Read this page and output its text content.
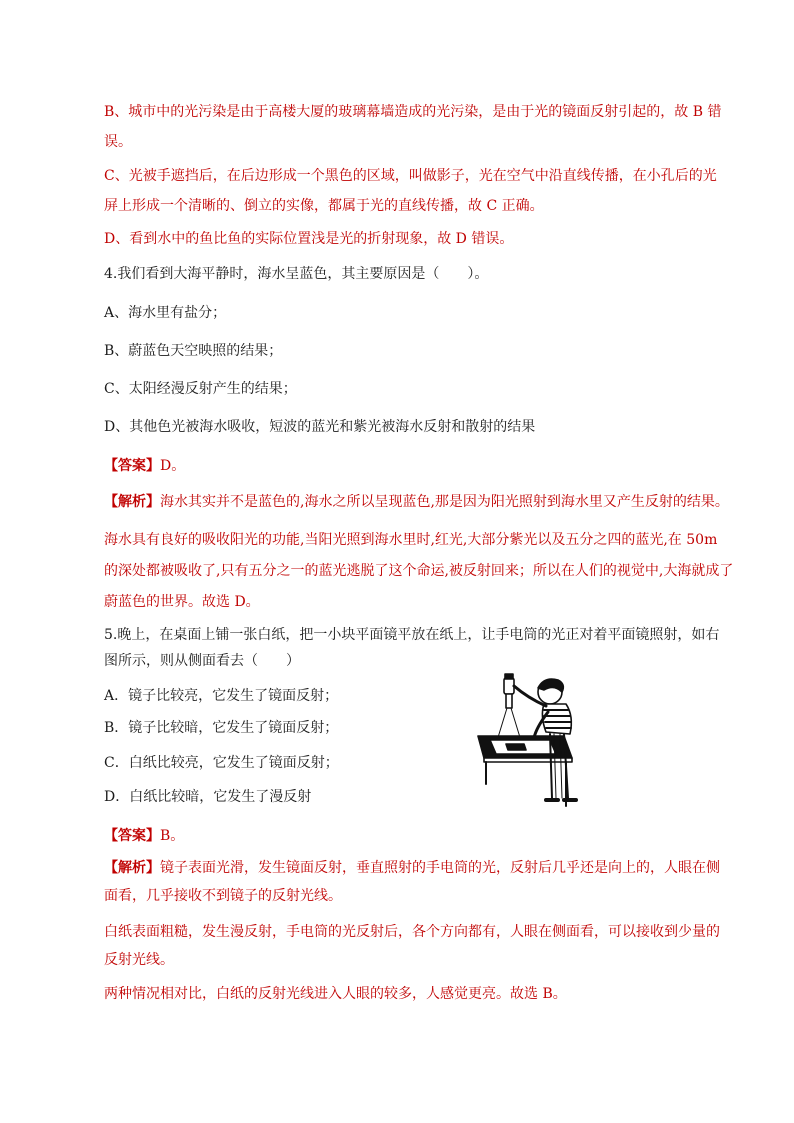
B、城市中的光污染是由于高楼大厦的玻璃幕墙造成的光污染，是由于光的镜面反射引起的，故 B 错
误。
C、光被手遮挡后，在后边形成一个黑色的区域，叫做影子，光在空气中沿直线传播，在小孔后的光
屏上形成一个清晰的、倒立的实像，都属于光的直线传播，故 C 正确。
D、看到水中的鱼比鱼的实际位置浅是光的折射现象，故 D 错误。
4.我们看到大海平静时，海水呈蓝色，其主要原因是（　　）。
A、海水里有盐分；
B、蔚蓝色天空映照的结果；
C、太阳经漫反射产生的结果；
D、其他色光被海水吸收，短波的蓝光和紫光被海水反射和散射的结果
【答案】D。
【解析】海水其实并不是蓝色的,海水之所以呈现蓝色,那是因为阳光照射到海水里又产生反射的结果。
海水具有良好的吸收阳光的功能,当阳光照到海水里时,红光,大部分紫光以及五分之四的蓝光,在 50m
的深处都被吸收了,只有五分之一的蓝光逃脱了这个命运,被反射回来；所以在人们的视觉中,大海就成了
蔚蓝色的世界。故选 D。
5.晚上，在桌面上铺一张白纸，把一小块平面镜平放在纸上，让手电筒的光正对着平面镜照射，如右
图所示，则从侧面看去（　　）
A．镜子比较亮，它发生了镜面反射；
B．镜子比较暗，它发生了镜面反射；
C．白纸比较亮，它发生了镜面反射；
D．白纸比较暗，它发生了漫反射
【答案】B。
【解析】镜子表面光滑，发生镜面反射，垂直照射的手电筒的光，反射后几乎还是向上的，人眼在侧
面看，几乎接收不到镜子的反射光线。
白纸表面粗糙，发生漫反射，手电筒的光反射后，各个方向都有，人眼在侧面看，可以接收到少量的
反射光线。
两种情况相对比，白纸的反射光线进入人眼的较多，人感觉更亮。故选 B。
